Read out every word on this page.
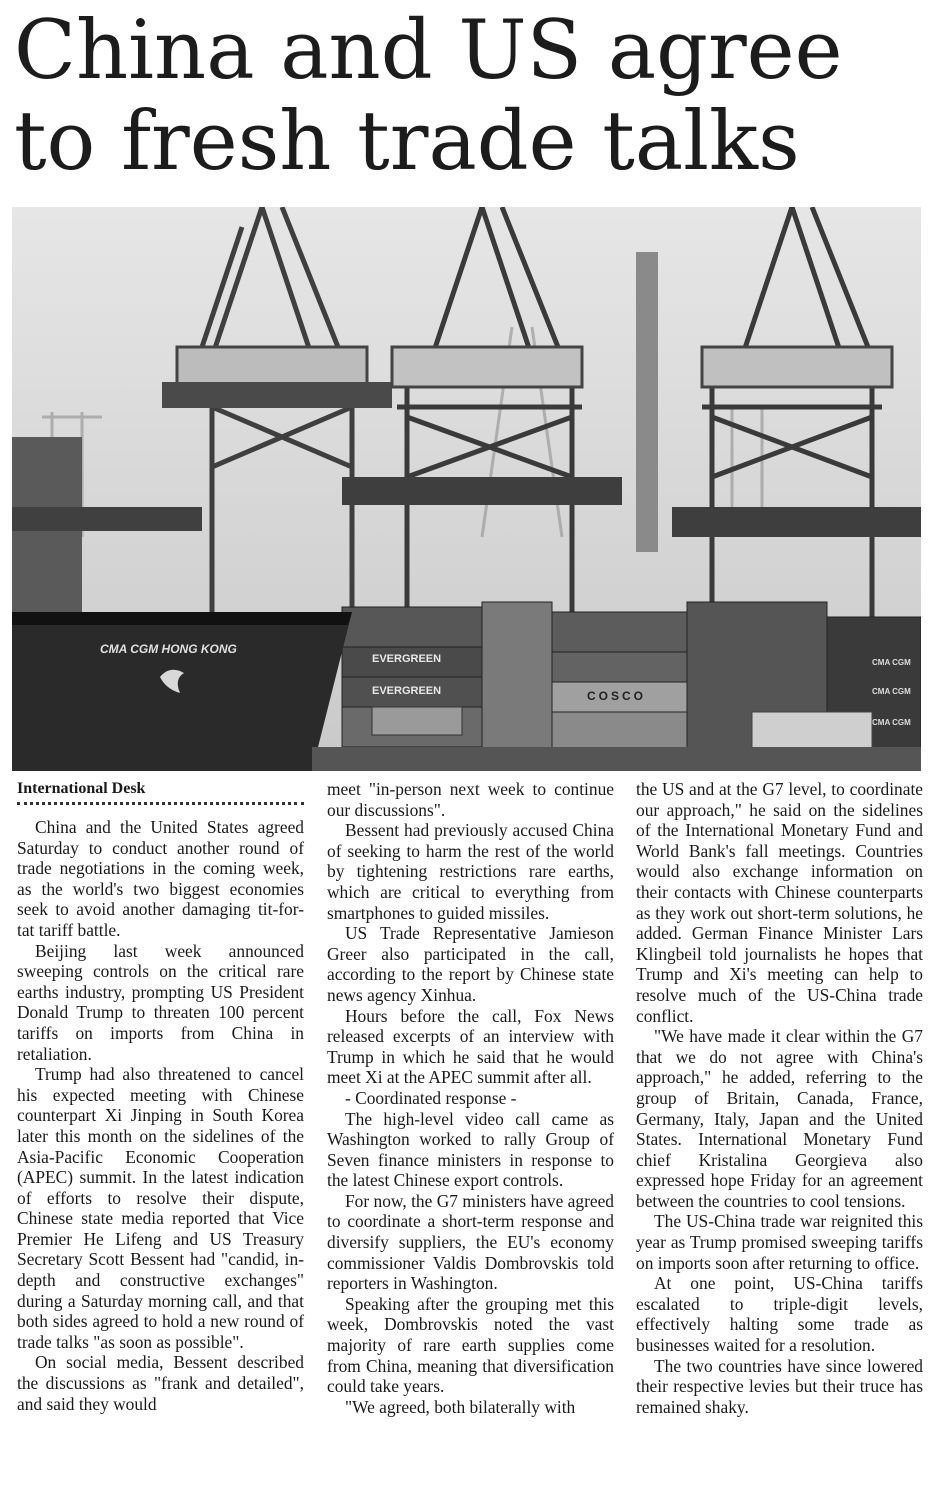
China and US agree to fresh trade talks
EVERGREEN
EVERGREEN	COSCO
CMA CGM
CMA CGM
CMA CGM
CMA CGM HONG KONG
International Desk

China and the United States agreed Saturday to conduct another round of trade negotiations in the coming week, as the world's two biggest economies seek to avoid another damaging tit-for-tat tariff battle.

Beijing last week announced sweeping controls on the critical rare earths industry, prompting US President Donald Trump to threaten 100 percent tariffs on imports from China in retaliation.

Trump had also threatened to cancel his expected meeting with Chinese counterpart Xi Jinping in South Korea later this month on the sidelines of the Asia-Pacific Economic Cooperation (APEC) summit. In the latest indication of efforts to resolve their dispute, Chinese state media reported that Vice Premier He Lifeng and US Treasury Secretary Scott Bessent had "candid, in-depth and constructive exchanges" during a Saturday morning call, and that both sides agreed to hold a new round of trade talks "as soon as possible".

On social media, Bessent described the discussions as "frank and detailed", and said they would

meet "in-person next week to continue our discussions".

Bessent had previously accused China of seeking to harm the rest of the world by tightening restrictions rare earths, which are critical to everything from smartphones to guided missiles.

US Trade Representative Jamieson Greer also participated in the call, according to the report by Chinese state news agency Xinhua.

Hours before the call, Fox News released excerpts of an interview with Trump in which he said that he would meet Xi at the APEC summit after all.

- Coordinated response -

The high-level video call came as Washington worked to rally Group of Seven finance ministers in response to the latest Chinese export controls.

For now, the G7 ministers have agreed to coordinate a short-term response and diversify suppliers, the EU's economy commissioner Valdis Dombrovskis told reporters in Washington.

Speaking after the grouping met this week, Dombrovskis noted the vast majority of rare earth supplies come from China, meaning that diversification could take years.

"We agreed, both bilaterally with

the US and at the G7 level, to coordinate our approach," he said on the sidelines of the International Monetary Fund and World Bank's fall meetings. Countries would also exchange information on their contacts with Chinese counterparts as they work out short-term solutions, he added. German Finance Minister Lars Klingbeil told journalists he hopes that Trump and Xi's meeting can help to resolve much of the US-China trade conflict.

"We have made it clear within the G7 that we do not agree with China's approach," he added, referring to the group of Britain, Canada, France, Germany, Italy, Japan and the United States. International Monetary Fund chief Kristalina Georgieva also expressed hope Friday for an agreement between the countries to cool tensions.

The US-China trade war reignited this year as Trump promised sweeping tariffs on imports soon after returning to office.

At one point, US-China tariffs escalated to triple-digit levels, effectively halting some trade as businesses waited for a resolution.

The two countries have since lowered their respective levies but their truce has remained shaky.
